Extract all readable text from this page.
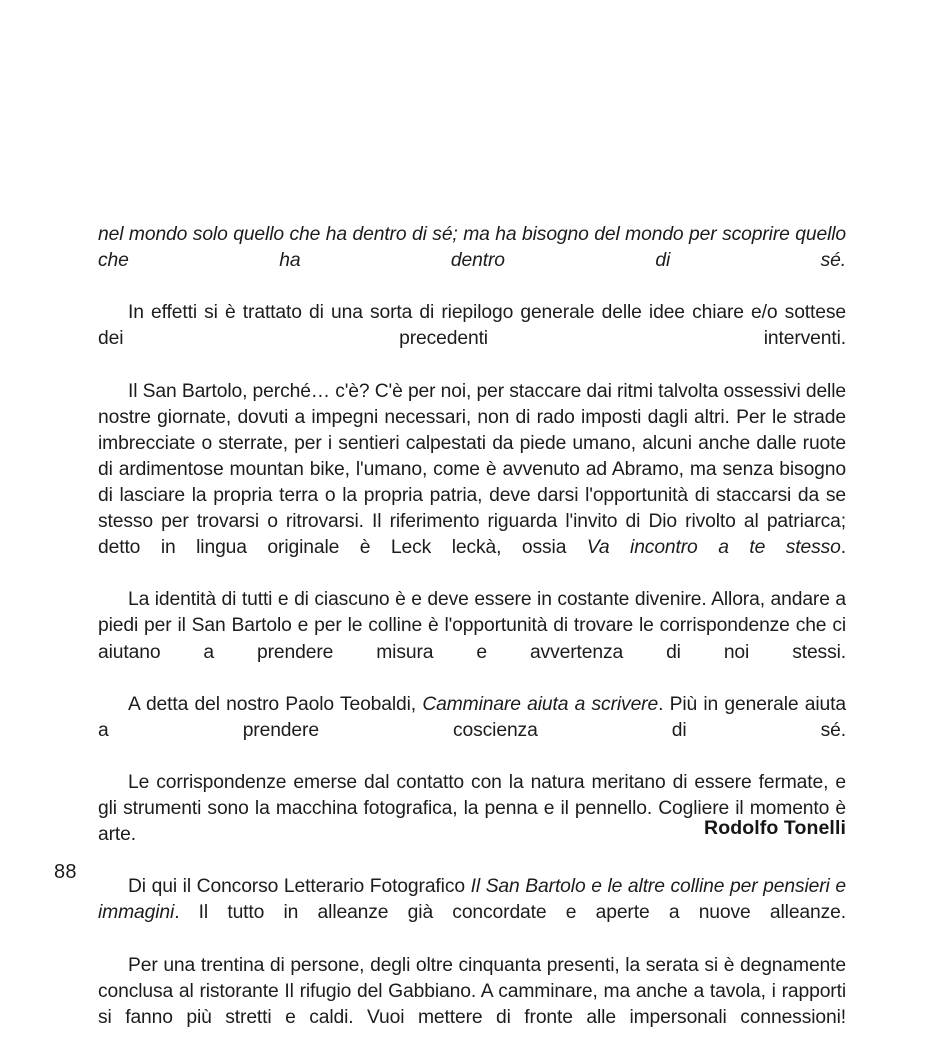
nel mondo solo quello che ha dentro di sé; ma ha bisogno del mondo per scoprire quello che ha dentro di sé.

In effetti si è trattato di una sorta di riepilogo generale delle idee chiare e/o sottese dei precedenti interventi.

Il San Bartolo, perché… c'è? C'è per noi, per staccare dai ritmi talvolta ossessivi delle nostre giornate, dovuti a impegni necessari, non di rado imposti dagli altri. Per le strade imbrecciate o sterrate, per i sentieri calpestati da piede umano, alcuni anche dalle ruote di ardimentose mountan bike, l'umano, come è avvenuto ad Abramo, ma senza bisogno di lasciare la propria terra o la propria patria, deve darsi l'opportunità di staccarsi da se stesso per trovarsi o ritrovarsi. Il riferimento riguarda l'invito di Dio rivolto al patriarca; detto in lingua originale è Leck leckà, ossia Va incontro a te stesso.

La identità di tutti e di ciascuno è e deve essere in costante divenire. Allora, andare a piedi per il San Bartolo e per le colline è l'opportunità di trovare le corrispondenze che ci aiutano a prendere misura e avvertenza di noi stessi.

A detta del nostro Paolo Teobaldi, Camminare aiuta a scrivere. Più in generale aiuta a prendere coscienza di sé.

Le corrispondenze emerse dal contatto con la natura meritano di essere fermate, e gli strumenti sono la macchina fotografica, la penna e il pennello. Cogliere il momento è arte.

Di qui il Concorso Letterario Fotografico Il San Bartolo e le altre colline per pensieri e immagini. Il tutto in alleanze già concordate e aperte a nuove alleanze.

Per una trentina di persone, degli oltre cinquanta presenti, la serata si è degnamente conclusa al ristorante Il rifugio del Gabbiano. A camminare, ma anche a tavola, i rapporti si fanno più stretti e caldi. Vuoi mettere di fronte alle impersonali connessioni!

Rodolfo Tonelli
88
